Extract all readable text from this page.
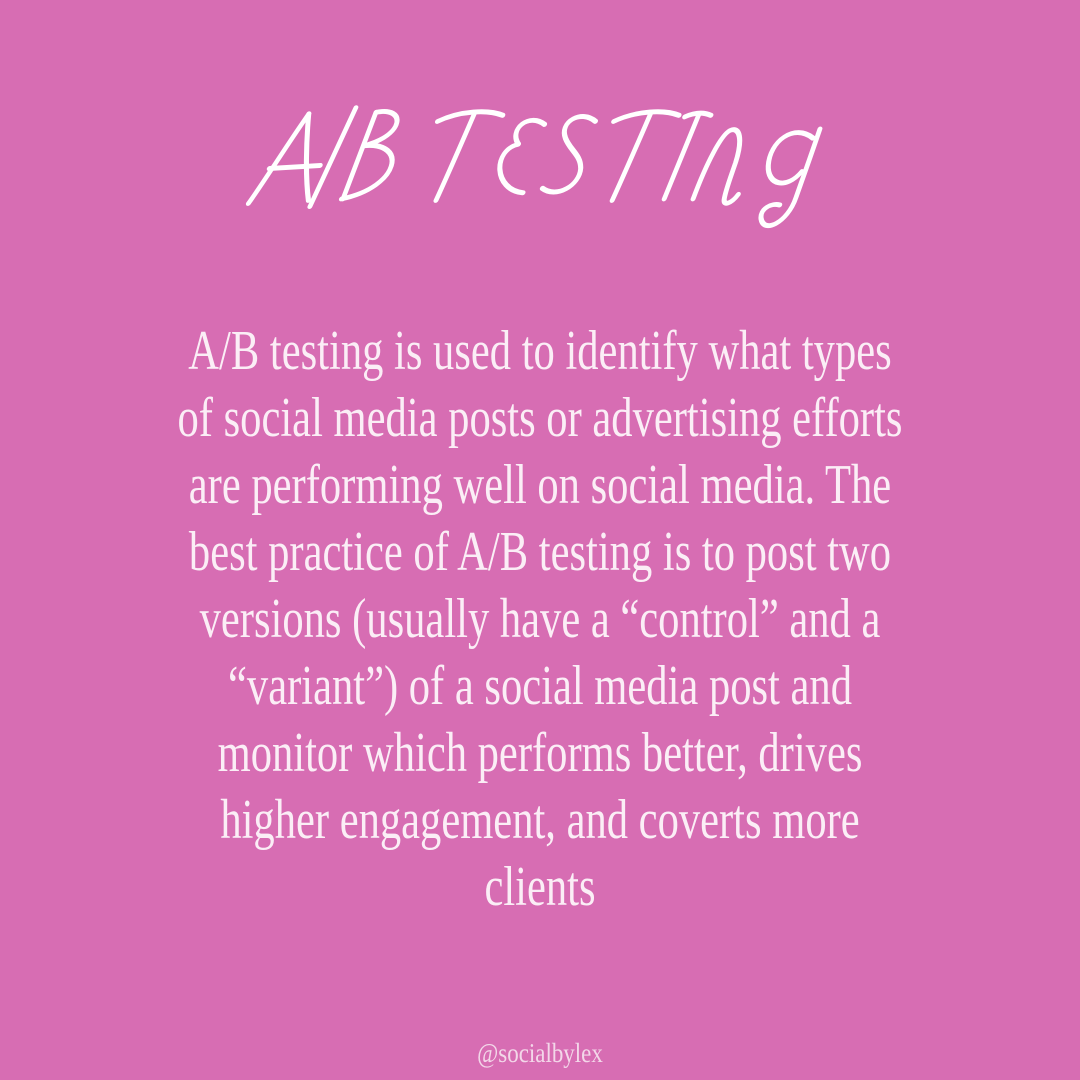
A/B testing is used to identify what types
of social media posts or advertising efforts
are performing well on social media. The
best practice of A/B testing is to post two
versions (usually have a “control” and a
“variant”) of a social media post and
monitor which performs better, drives
higher engagement, and coverts more
clients
@socialbylex
